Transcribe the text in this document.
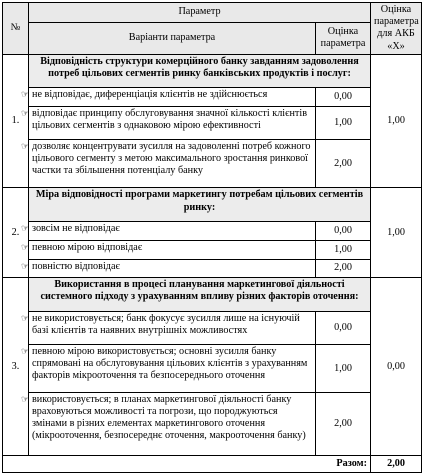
№	Параметр		Оцінка параметра для АКБ «Х»
	Варіанти параметра	Оцінка параметра	
1.	Відповідність структури комерційного банку завданням задоволення потреб цільових сегментів ринку банківських продуктів і послуг:		1,00
	☞ не відповідає, диференціація клієнтів не здійснюється	0,00	
	☞ відповідає принципу обслуговування значної кількості клієнтів цільових сегментів з однаковою мірою ефективності	1,00	
	☞ дозволяє концентрувати зусилля на задоволенні потреб кожного цільового сегменту з метою максимального зростання ринкової частки та збільшення потенціалу банку	2,00	
2.	Міра відповідності програми маркетингу потребам цільових сегментів ринку:		1,00
	☞ зовсім не відповідає	0,00	
	☞ певною мірою відповідає	1,00	
	☞ повністю відповідає	2,00	
3.	Використання в процесі планування маркетингової діяльності системного підходу з урахуванням впливу різних факторів оточення:		0,00
	☞ не використовується; банк фокусує зусилля лише на існуючій базі клієнтів та наявних внутрішніх можливостях	0,00	
	☞ певною мірою використовується; основні зусилля банку спрямовані на обслуговування цільових клієнтів з урахуванням факторів мікрооточення та безпосереднього оточення	1,00	
	☞ використовується; в планах маркетингової діяльності банку враховуються можливості та погрози, що породжуються змінами в різних елементах маркетингового оточення (мікрооточення, безпосереднє оточення, макрооточення банку)	2,00	
Разом:			2,00
